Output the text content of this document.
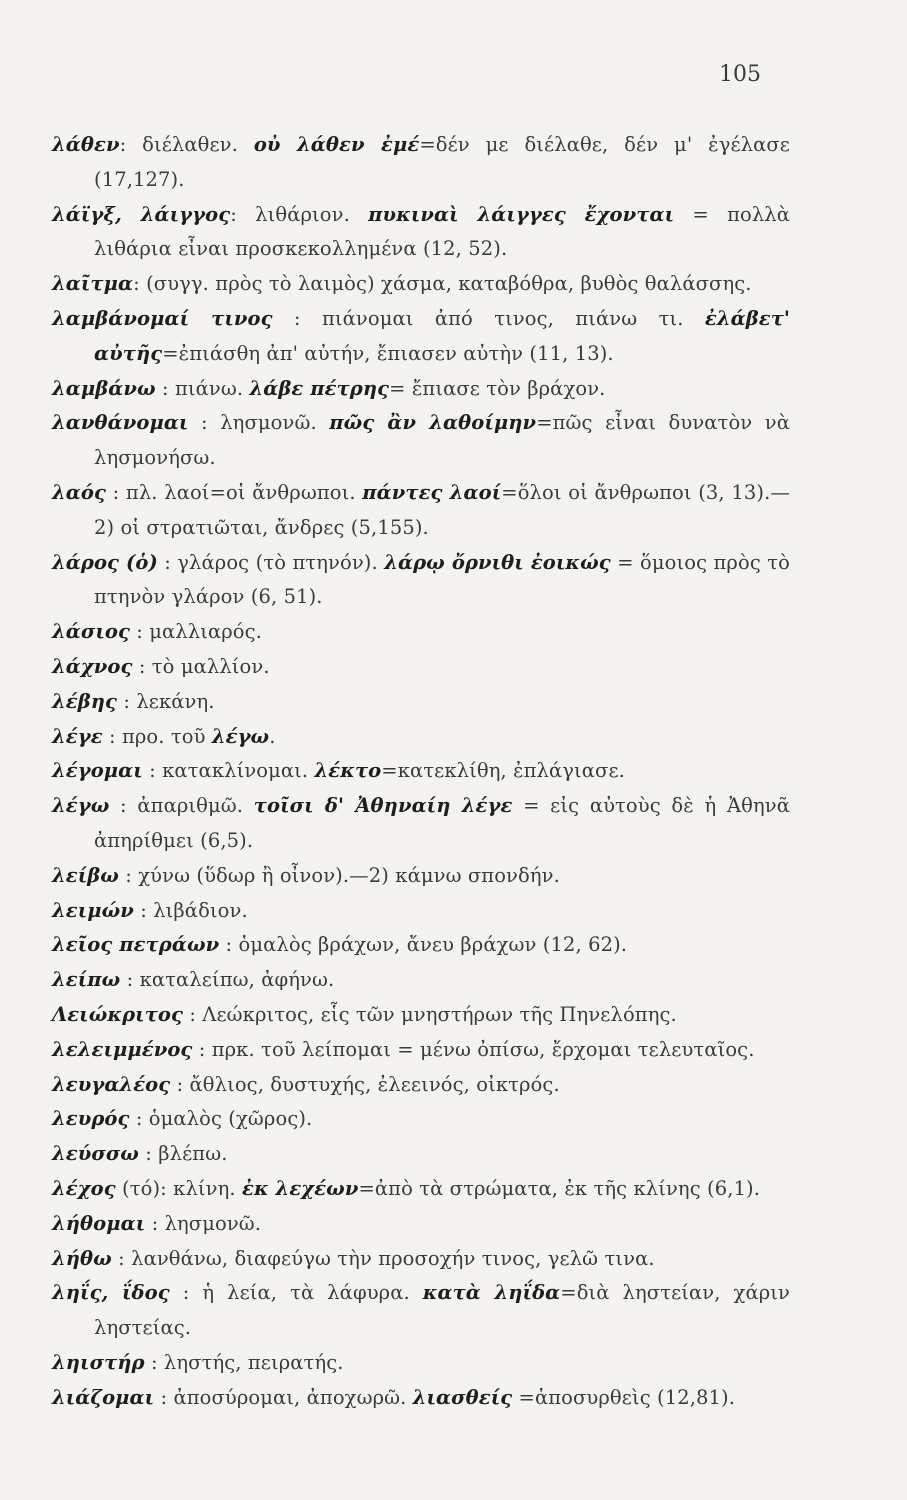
105
λάθεν: διέλαθεν. οὐ λάθεν ἐμέ=δέν με διέλαθε, δέν μ' ἐγέλασε (17,127).
λάϊγξ, λάιγγος: λιθάριον. πυκιναὶ λάιγγες ἔχονται = πολλὰ λιθάρια εἶναι προσκεκολλημένα (12, 52).
λαῖτμα: (συγγ. πρὸς τὸ λαιμὸς) χάσμα, καταβόθρα, βυθὸς θαλάσσης.
λαμβάνομαί τινος : πιάνομαι ἀπό τινος, πιάνω τι. ἐλάβετ' αὐτῆς=ἐπιάσθη ἀπ' αὐτήν, ἔπιασεν αὐτὴν (11, 13).
λαμβάνω : πιάνω. λάβε πέτρης= ἔπιασε τὸν βράχον.
λανθάνομαι : λησμονῶ. πῶς ἂν λαθοίμην=πῶς εἶναι δυνατὸν νὰ λησμονήσω.
λαός : πλ. λαοί=οἱ ἄνθρωποι. πάντες λαοί=ὅλοι οἱ ἄνθρωποι (3, 13).—2) οἱ στρατιῶται, ἄνδρες (5,155).
λάρος (ὁ) : γλάρος (τὸ πτηνόν). λάρῳ ὄρνιθι ἐοικώς = ὅμοιος πρὸς τὸ πτηνὸν γλάρον (6, 51).
λάσιος : μαλλιαρός.
λάχνος : τὸ μαλλίον.
λέβης : λεκάνη.
λέγε : προ. τοῦ λέγω.
λέγομαι : κατακλίνομαι. λέκτο=κατεκλίθη, ἐπλάγιασε.
λέγω : ἀπαριθμῶ. τοῖσι δ' Ἀθηναίη λέγε = εἰς αὐτοὺς δὲ ἡ Ἀθηνᾶ ἀπηρίθμει (6,5).
λείβω : χύνω (ὕδωρ ἢ οἶνον).—2) κάμνω σπονδήν.
λειμών : λιβάδιον.
λεῖος πετράων : ὁμαλὸς βράχων, ἄνευ βράχων (12, 62).
λείπω : καταλείπω, ἀφήνω.
Λειώκριτος : Λεώκριτος, εἷς τῶν μνηστήρων τῆς Πηνελόπης.
λελειμμένος : πρκ. τοῦ λείπομαι = μένω ὀπίσω, ἔρχομαι τελευταῖος.
λευγαλέος : ἄθλιος, δυστυχής, ἐλεεινός, οἰκτρός.
λευρός : ὁμαλὸς (χῶρος).
λεύσσω : βλέπω.
λέχος (τό): κλίνη. ἐκ λεχέων=ἀπὸ τὰ στρώματα, ἐκ τῆς κλίνης (6,1).
λήθομαι : λησμονῶ.
λήθω : λανθάνω, διαφεύγω τὴν προσοχήν τινος, γελῶ τινα.
ληΐς, ΐδος : ἡ λεία, τὰ λάφυρα. κατὰ ληΐδα=διὰ ληστείαν, χάριν ληστείας.
ληιστήρ : ληστής, πειρατής.
λιάζομαι : ἀποσύρομαι, ἀποχωρῶ. λιασθείς =ἀποσυρθεὶς (12,81).
